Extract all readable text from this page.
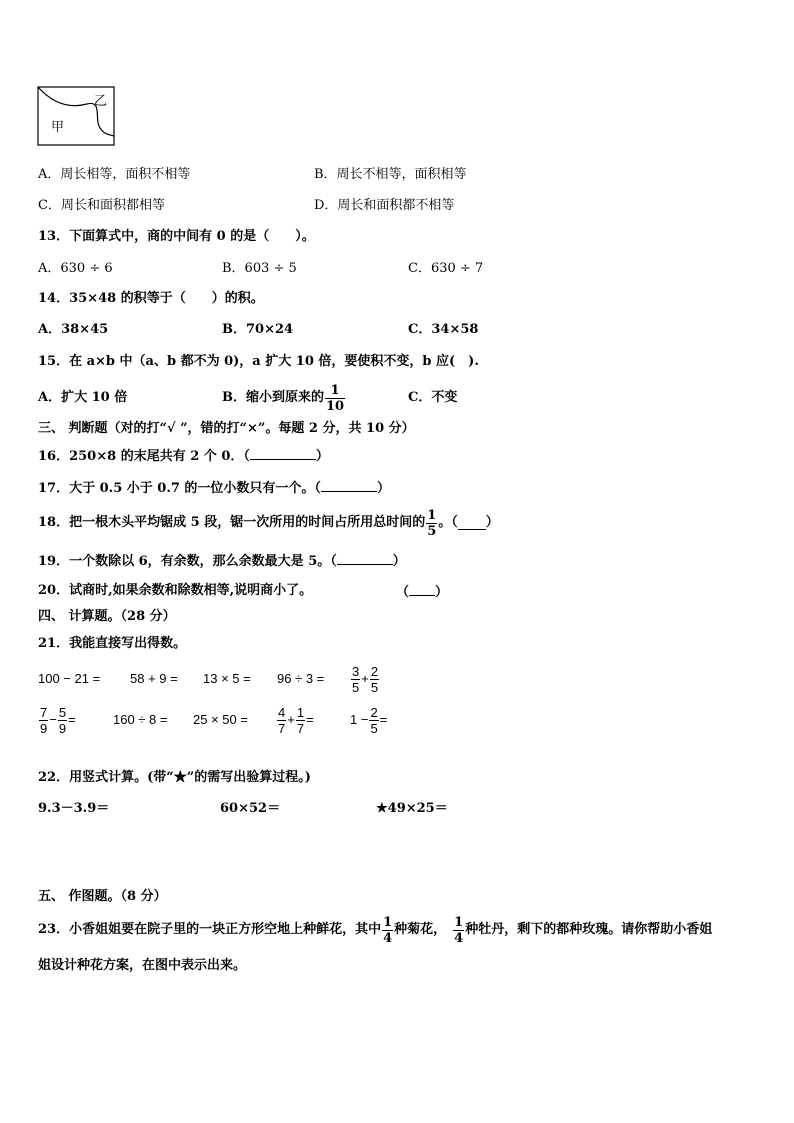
甲
乙
A．周长相等，面积不相等	B．周长不相等，面积相等
C．周长和面积都相等	D．周长和面积都不相等
13．下面算式中，商的中间有 0 的是（　　）。
A．630 ÷ 6	B．603 ÷ 5	C．630 ÷ 7
14．35×48 的积等于（　　）的积。
A．38×45	B．70×24	C．34×58
15．在 a×b 中（a、b 都不为 0)，a 扩大 10 倍，要使积不变，b 应(　).
A．扩大 10 倍	B．缩小到原来的 $\frac{1}{10}$	C．不变
三、 判断题（对的打“√ ”，错的打“×”。每题 2 分，共 10 分）
16．250×8 的末尾共有 2 个 0．（	）
17．大于 0.5 小于 0.7 的一位小数只有一个。（	）
18．把一根木头平均锯成 5 段，锯一次所用的时间占所用总时间的 $\frac{1}{5}$ 。（ ）
19．一个数除以 6，有余数，那么余数最大是 5。（	）
20．试商时,如果余数和除数相等,说明商小了。	（ ）
四、 计算题。（28 分）
21．我能直接写出得数。
$100 - 21 = 58 + 9 = 13 \times 5 = 96 \div 3 = \frac{3}{5} + \frac{2}{5}$
$\frac{7}{9} - \frac{5}{9}$ =	$160 \div 8 = 25 \times 50 = \frac{4}{7} + \frac{1}{7}$ =	$1 - \frac{2}{5}$ =
22．用竖式计算。(带“★”的需写出验算过程。)
9.3－3.9＝	60×52＝	★49×25＝
五、 作图题。（8 分）
23．小香姐姐要在院子里的一块正方形空地上种鲜花，其中 $\frac{1}{4}$ 种菊花， $\frac{1}{4}$ 种牡丹，剩下的都种玫瑰。请你帮助小香姐
姐设计种花方案，在图中表示出来。
